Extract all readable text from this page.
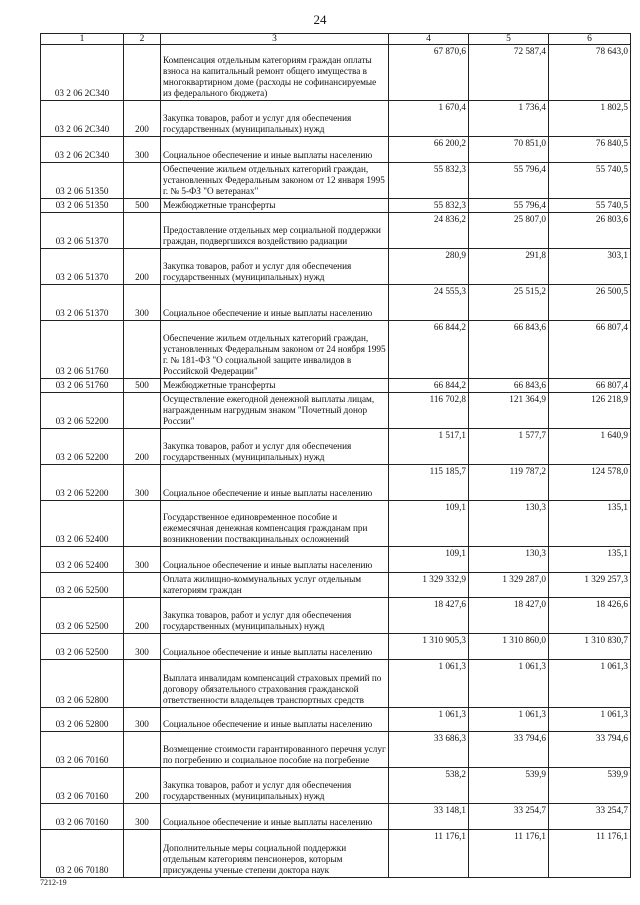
24
1	2	3	4	5	6
03 2 06 2С340		Компенсация отдельным категориям граждан оплаты взноса на капитальный ремонт общего имущества в многоквартирном доме (расходы не софинансируемые из федерального бюджета)	67 870,6	72 587,4	78 643,0
03 2 06 2С340	200	Закупка товаров, работ и услуг для обеспечения государственных (муниципальных) нужд	1 670,4	1 736,4	1 802,5
03 2 06 2С340	300	Социальное обеспечение и иные выплаты населению	66 200,2	70 851,0	76 840,5
03 2 06 51350		Обеспечение жильем отдельных категорий граждан, установленных Федеральным законом от 12 января 1995 г. № 5-ФЗ "О ветеранах"	55 832,3	55 796,4	55 740,5
03 2 06 51350	500	Межбюджетные трансферты	55 832,3	55 796,4	55 740,5
03 2 06 51370		Предоставление отдельных мер социальной поддержки граждан, подвергшихся воздействию радиации	24 836,2	25 807,0	26 803,6
03 2 06 51370	200	Закупка товаров, работ и услуг для обеспечения государственных (муниципальных) нужд	280,9	291,8	303,1
03 2 06 51370	300	Социальное обеспечение и иные выплаты населению	24 555,3	25 515,2	26 500,5
03 2 06 51760		Обеспечение жильем отдельных категорий граждан, установленных Федеральным законом от 24 ноября 1995 г. № 181-ФЗ "О социальной защите инвалидов в Российской Федерации"	66 844,2	66 843,6	66 807,4
03 2 06 51760	500	Межбюджетные трансферты	66 844,2	66 843,6	66 807,4
03 2 06 52200		Осуществление ежегодной денежной выплаты лицам, награжденным нагрудным знаком "Почетный донор России"	116 702,8	121 364,9	126 218,9
03 2 06 52200	200	Закупка товаров, работ и услуг для обеспечения государственных (муниципальных) нужд	1 517,1	1 577,7	1 640,9
03 2 06 52200	300	Социальное обеспечение и иные выплаты населению	115 185,7	119 787,2	124 578,0
03 2 06 52400		Государственное единовременное пособие и ежемесячная денежная компенсация гражданам при возникновении поствакцинальных осложнений	109,1	130,3	135,1
03 2 06 52400	300	Социальное обеспечение и иные выплаты населению	109,1	130,3	135,1
03 2 06 52500		Оплата жилищно-коммунальных услуг отдельным категориям граждан	1 329 332,9	1 329 287,0	1 329 257,3
03 2 06 52500	200	Закупка товаров, работ и услуг для обеспечения государственных (муниципальных) нужд	18 427,6	18 427,0	18 426,6
03 2 06 52500	300	Социальное обеспечение и иные выплаты населению	1 310 905,3	1 310 860,0	1 310 830,7
03 2 06 52800		Выплата инвалидам компенсаций страховых премий по договору обязательного страхования гражданской ответственности владельцев транспортных средств	1 061,3	1 061,3	1 061,3
03 2 06 52800	300	Социальное обеспечение и иные выплаты населению	1 061,3	1 061,3	1 061,3
03 2 06 70160		Возмещение стоимости гарантированного перечня услуг по погребению и социальное пособие на погребение	33 686,3	33 794,6	33 794,6
03 2 06 70160	200	Закупка товаров, работ и услуг для обеспечения государственных (муниципальных) нужд	538,2	539,9	539,9
03 2 06 70160	300	Социальное обеспечение и иные выплаты населению	33 148,1	33 254,7	33 254,7
03 2 06 70180		Дополнительные меры социальной поддержки отдельным категориям пенсионеров, которым присуждены ученые степени доктора наук	11 176,1	11 176,1	11 176,1
7212-19
